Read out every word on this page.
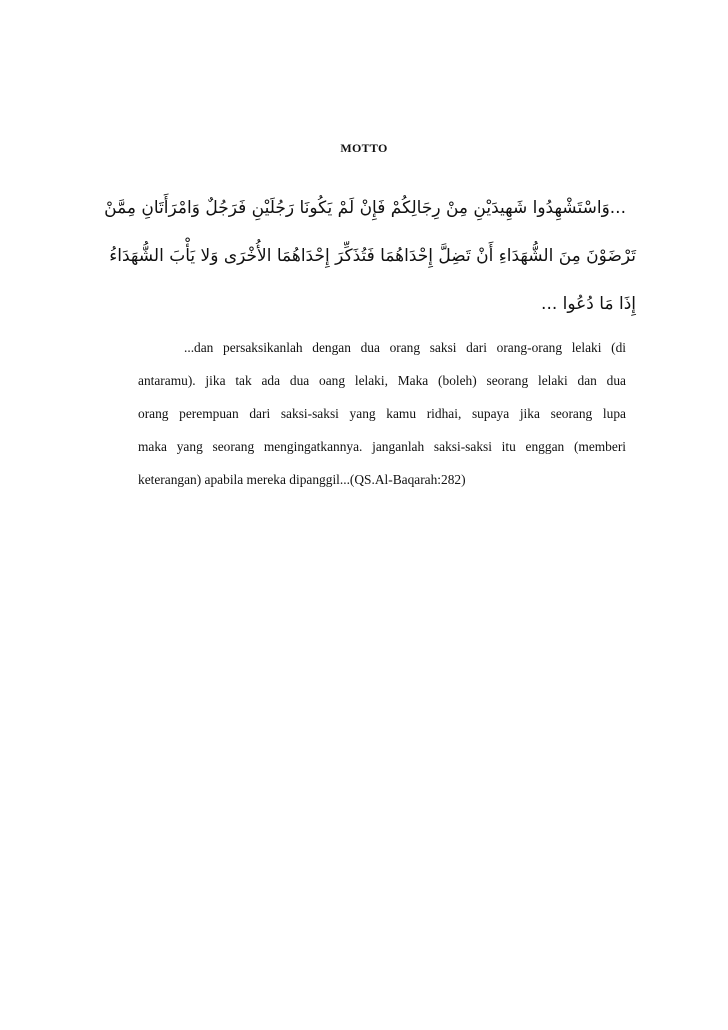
MOTTO
...وَاسْتَشْهِدُوا شَهِيدَيْنِ مِنْ رِجَالِكُمْ فَإِنْ لَمْ يَكُونَا رَجُلَيْنِ فَرَجُلٌ وَامْرَأَتَانِ مِمَّنْ
تَرْضَوْنَ مِنَ الشُّهَدَاءِ أَنْ تَضِلَّ إِحْدَاهُمَا فَتُذَكِّرَ إِحْدَاهُمَا الأُخْرَى وَلا يَأْبَ الشُّهَدَاءُ
إِذَا مَا دُعُوا ...
...dan persaksikanlah dengan dua orang saksi dari orang-orang lelaki (di
antaramu). jika tak ada dua oang lelaki, Maka (boleh) seorang lelaki dan dua
orang perempuan dari saksi-saksi yang kamu ridhai, supaya jika seorang lupa
maka yang seorang mengingatkannya. janganlah saksi-saksi itu enggan (memberi
keterangan) apabila mereka dipanggil...(QS.Al-Baqarah:282)
